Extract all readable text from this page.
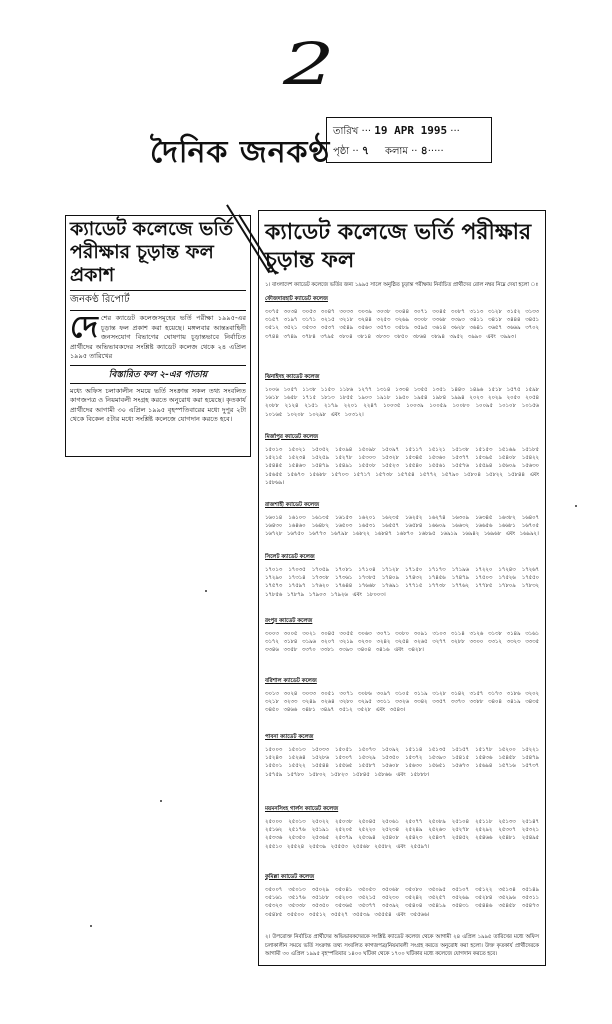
2
দৈনিক জনকণ্ঠ
তারিখ ··· 19 APR 1995 ···
পৃষ্ঠা ·· ৭ কলাম ·· ৪·····
ক্যাডেট কলেজে ভর্তি পরীক্ষার চূড়ান্ত ফল প্রকাশ
জনকণ্ঠ রিপোর্ট
দে শের ক্যাডেট কলেজসমূহের ভর্তি পরীক্ষা ১৯৯৫-এর চূড়ান্ত ফল প্রকাশ করা হয়েছে। মঙ্গলবার আন্তঃবাহিনী জনসংযোগ বিভাগের ঘোষণায় চূড়ান্তভাবে নির্বাচিত প্রার্থীদের অভিভাবকদের সংশ্লিষ্ট ক্যাডেট কলেজ থেকে ২৪ এপ্রিল ১৯৯৫ তারিখের
বিস্তারিত ফল ২-এর পাতায়
মধ্যে অফিস চলাকালীন সময়ে ভর্তি সংক্রান্ত সকল তথ্য সংবলিত কাগজপত্র ও নিয়মাবলী সংগ্রহ করতে অনুরোধ করা হয়েছে। কৃতকার্য প্রার্থীদের আগামী ৩০ এপ্রিল ১৯৯৫ বৃহস্পতিবারের মধ্যে দুপুর ২টা থেকে বিকেল ৫টার মধ্যে সংশ্লিষ্ট কলেজে যোগদান করতে হবে।
ক্যাডেট কলেজে ভর্তি পরীক্ষার চূড়ান্ত ফল
১। বাংলাদেশ ক্যাডেট কলেজে ভর্তির জন্য ১৯৯৫ সালে অনুষ্ঠিত চূড়ান্ত পরীক্ষায় নির্বাচিত প্রার্থীদের রোল নম্বর নিম্নে দেয়া হলো ঃ
ফৌজদারহাট ক্যাডেট কলেজ
৩০৭৫ ৩০৩৪ ৩০৫৩ ৩০৪৭ ৩০৩৩ ৩০৩৯ ৩০৩৮ ৩০৪৪ ৩০৭১ ৩০৪৫ ৩০৮৭ ৩১১৩ ৩১২৮ ৩১৫২ ৩১৩৩ ৩১৫৭ ৩১৯৭ ৩১৭১ ৩২১৫ ৩২১৮ ৩২৪৪ ৩২৫৩ ৩২৬৯ ৩৩০৮ ৩৩৬৮ ৩৩৯৩ ৩৪১১ ৩৪১৮ ৩৪৪৪ ৩৪৫১ ৩৫১২ ৩৫২১ ৩৫৩৩ ৩৫৩৭ ৩৫৪৯ ৩৫৬৩ ৩৫৭৩ ৩৫৮৯ ৩৫৯৫ ৩৬১৪ ৩৬২৮ ৩৬৪১ ৩৬৫৭ ৩৬৬৯ ৩৭০২ ৩৭৪৪ ৩৭৪৯ ৩৭৮৪ ৩৭৯৫ ৩৮০৪ ৩৮১৪ ৩৮৩৩ ৩৮৫০ ৩৮৬৪ ৩৮৯৪ ৩৯৫২ ৩৯৯০ এবং ৩৯৯৩।
ঝিনাইদহ ক্যাডেট কলেজ
১০০৬ ১০৫৭ ১১৩৮ ১১৫৩ ১১৮৬ ১২৭৭ ১৩১৪ ১৩৩৪ ১৩৫৫ ১৩৫১ ১৪৪৩ ১৪৯৬ ১৫১৮ ১৫৭৫ ১৫৯৮ ১৬১৮ ১৬৫৮ ১৭১৫ ১৮১৩ ১৮৫৫ ১৯০৩ ১৯১৮ ১৯৫০ ১৯৫৪ ১৯৮৪ ১৯৯৪ ২০২৩ ২০২৯ ২০৫০ ২০৫৪ ২০৮৮ ২১২৪ ২১৫১ ২১৭৯ ২২০১ ২২৪৭ ১০০৩৫ ১০০৩৯ ১০০৫৯ ১০০৮০ ১০০৯৫ ১০১০৮ ১০১৫৬ ১০১৬৫ ১০২০৮ ১০২৯৮ এবং ১০৩১২।
মির্জাপুর ক্যাডেট কলেজ
১৫০১৩ ১৫০২১ ১৫০৫২ ১৫০৯৪ ১৫০৯৮ ১৫০৯৭ ১৫১১৭ ১৫১২১ ১৫১৩৮ ১৫১৫৩ ১৫১৬৯ ১৫১৮৫ ১৫২১৫ ১৫২৩৪ ১৫২৫৯ ১৫২৭৮ ১৫৩০৩ ১৫৩২৮ ১৫৩৪৫ ১৫৩৬০ ১৫৩৭৭ ১৫৩৯৫ ১৫৪০৮ ১৫৪২২ ১৫৪৪৫ ১৫৪৬৩ ১৫৪৭৯ ১৫৪৯১ ১৫৫০৮ ১৫৫২৩ ১৫৫৪০ ১৫৫৬১ ১৫৫৭৬ ১৫৫৯৪ ১৫৬০৯ ১৫৬৩০ ১৫৬৫৫ ১৫৬৭৩ ১৫৬৮৮ ১৫৭০৩ ১৫৭১৭ ১৫৭৩৮ ১৫৭৫৪ ১৫৭৭২ ১৫৭৯০ ১৫৮০৪ ১৫৮২২ ১৫৮৪৪ এবং ১৫৮৬৯।
রাজশাহী ক্যাডেট কলেজ
১৬০১৪ ১৬১০৩ ১৬১৩৫ ১৬১৫৩ ১৬২০১ ১৬২৩৫ ১৬২৫২ ১৬২৭৪ ১৬৩০৯ ১৬৩৪৫ ১৬৩৮২ ১৬৪০৭ ১৬৪৩০ ১৬৪৬০ ১৬৪৮২ ১৬৫০৩ ১৬৫৩১ ১৬৫৫৭ ১৬৫৮৪ ১৬৬০৯ ১৬৬৩২ ১৬৬৫৬ ১৬৬৮১ ১৬৭০৫ ১৬৭২৮ ১৬৭৫০ ১৬৭৭৩ ১৬৭৯৮ ১৬৮২২ ১৬৮৪৭ ১৬৮৭০ ১৬৮৯৫ ১৬৯১৯ ১৬৯৪২ ১৬৯৬৮ এবং ১৬৯৯২।
সিলেট ক্যাডেট কলেজ
১৭০১৩ ১৭০৩৫ ১৭০৫৯ ১৭০৮১ ১৭১০৪ ১৭১২৮ ১৭১৫০ ১৭১৭৩ ১৭১৯৬ ১৭২২০ ১৭২৪৩ ১৭২৬৭ ১৭২৯০ ১৭৩১৪ ১৭৩৩৮ ১৭৩৬১ ১৭৩৮৫ ১৭৪০৯ ১৭৪৩২ ১৭৪৫৬ ১৭৪৭৯ ১৭৫০৩ ১৭৫২৬ ১৭৫৫০ ১৭৫৭৩ ১৭৫৯৭ ১৭৬২০ ১৭৬৪৪ ১৭৬৬৮ ১৭৬৯১ ১৭৭১৫ ১৭৭৩৮ ১৭৭৬২ ১৭৭৮৫ ১৭৮০৯ ১৭৮৩২ ১৭৮৫৬ ১৭৮৭৯ ১৭৯০৩ ১৭৯২৬ এবং ১৮০০৩।
রংপুর ক্যাডেট কলেজ
৩০০৩ ৩০০৫ ৩০২১ ৩০৪৫ ৩০৫৫ ৩০৬৩ ৩০৭১ ৩০৮০ ৩০৯১ ৩১০৩ ৩১১৪ ৩১২৬ ৩১৩৮ ৩১৪৯ ৩১৬১ ৩১৭২ ৩১৮৪ ৩১৯৬ ৩২০৭ ৩২১৯ ৩২৩০ ৩২৪২ ৩২৫৪ ৩২৬৫ ৩২৭৭ ৩২৮৮ ৩৩০০ ৩৩১২ ৩৩২৩ ৩৩৩৫ ৩৩৪৬ ৩৩৫৮ ৩৩৭০ ৩৩৮১ ৩৩৯৩ ৩৪০৪ ৩৪১৬ এবং ৩৪২৮।
বরিশাল ক্যাডেট কলেজ
৩০১৩ ৩০২৪ ৩০৩৩ ৩০৫১ ৩০৭১ ৩০৮৬ ৩০৯৭ ৩১০৫ ৩১১৯ ৩১২৮ ৩১৪২ ৩১৫৭ ৩১৭৩ ৩১৮৬ ৩২০২ ৩২১৮ ৩২৩৩ ৩২৪৯ ৩২৬৪ ৩২৮০ ৩২৯৫ ৩৩১১ ৩৩২৬ ৩৩৪২ ৩৩৫৭ ৩৩৭৩ ৩৩৮৮ ৩৪০৪ ৩৪১৯ ৩৪৩৫ ৩৪৫০ ৩৪৬৬ ৩৪৮১ ৩৪৯৭ ৩৫১২ ৩৫২৮ এবং ৩৫৪৩।
পাবনা ক্যাডেট কলেজ
১৫০০৩ ১৫০১৩ ১৫০৩৩ ১৫০৫১ ১৫০৭৩ ১৫০৯২ ১৫১১৪ ১৫১৩৫ ১৫১৫৭ ১৫১৭৮ ১৫২০০ ১৫২২১ ১৫২৪৩ ১৫২৬৪ ১৫২৮৬ ১৫৩০৭ ১৫৩২৯ ১৫৩৫০ ১৫৩৭২ ১৫৩৯৩ ১৫৪১৫ ১৫৪৩৬ ১৫৪৫৮ ১৫৪৭৯ ১৫৫০১ ১৫৫২২ ১৫৫৪৪ ১৫৫৬৫ ১৫৫৮৭ ১৫৬০৮ ১৫৬৩০ ১৫৬৫১ ১৫৬৭৩ ১৫৬৯৪ ১৫৭১৬ ১৫৭৩৭ ১৫৭৫৯ ১৫৭৮০ ১৫৮০২ ১৫৮২৩ ১৫৮৪৫ ১৫৮৬৬ এবং ১৫৮৮৮।
ময়মনসিংহ গার্লস ক্যাডেট কলেজ
২৫০০০ ২৫০১৩ ২৫০২২ ২৫০৩৮ ২৫০৪৫ ২৫০৬১ ২৫০৭৭ ২৫০৮৯ ২৫১০৪ ২৫১১৮ ২৫১৩৩ ২৫১৪৭ ২৫১৬২ ২৫১৭৬ ২৫১৯১ ২৫২০৫ ২৫২২০ ২৫২৩৪ ২৫২৪৯ ২৫২৬৩ ২৫২৭৮ ২৫২৯২ ২৫৩০৭ ২৫৩২১ ২৫৩৩৬ ২৫৩৫০ ২৫৩৬৫ ২৫৩৭৯ ২৫৩৯৪ ২৫৪০৮ ২৫৪২৩ ২৫৪৩৭ ২৫৪৫২ ২৫৪৬৬ ২৫৪৮১ ২৫৪৯৫ ২৫৫১০ ২৫৫২৪ ২৫৫৩৯ ২৫৫৫৩ ২৫৫৬৮ ২৫৫৮২ এবং ২৫৫৯৭।
কুমিল্লা ক্যাডেট কলেজ
৩৫০০৭ ৩৫০১৩ ৩৫০২৯ ৩৫০৪১ ৩৫০৫৩ ৩৫০৬৮ ৩৫০৮০ ৩৫০৯৫ ৩৫১০৭ ৩৫১২২ ৩৫১৩৪ ৩৫১৪৯ ৩৫১৬১ ৩৫১৭৬ ৩৫১৮৮ ৩৫২০৩ ৩৫২১৫ ৩৫২৩০ ৩৫২৪২ ৩৫২৫৭ ৩৫২৬৯ ৩৫২৮৪ ৩৫২৯৬ ৩৫৩১১ ৩৫৩২৩ ৩৫৩৩৮ ৩৫৩৫০ ৩৫৩৬৫ ৩৫৩৭৭ ৩৫৩৯২ ৩৫৪০৪ ৩৫৪১৯ ৩৫৪৩১ ৩৫৪৪৬ ৩৫৪৫৮ ৩৫৪৭৩ ৩৫৪৮৫ ৩৫৫০০ ৩৫৫১২ ৩৫৫২৭ ৩৫৫৩৯ ৩৫৫৫৪ এবং ৩৫৫৬৬।
২। উপরোক্ত নির্বাচিত প্রার্থীদের অভিভাবকদেরকে সংশ্লিষ্ট ক্যাডেট কলেজ থেকে আগামী ২৪ এপ্রিল ১৯৯৫ তারিখের মধ্যে অফিস চলাকালীন সময়ে ভর্তি সংক্রান্ত তথ্য সংবলিত কাগজপত্র/নিয়মাবলী সংগ্রহ করতে অনুরোধ করা হলো। উক্ত কৃতকার্য প্রার্থীদেরকে আগামী ৩০ এপ্রিল ১৯৯৫ বৃহস্পতিবার ১৪০০ ঘটিকা থেকে ১৭০০ ঘটিকার মধ্যে কলেজে যোগদান করতে হবে।
